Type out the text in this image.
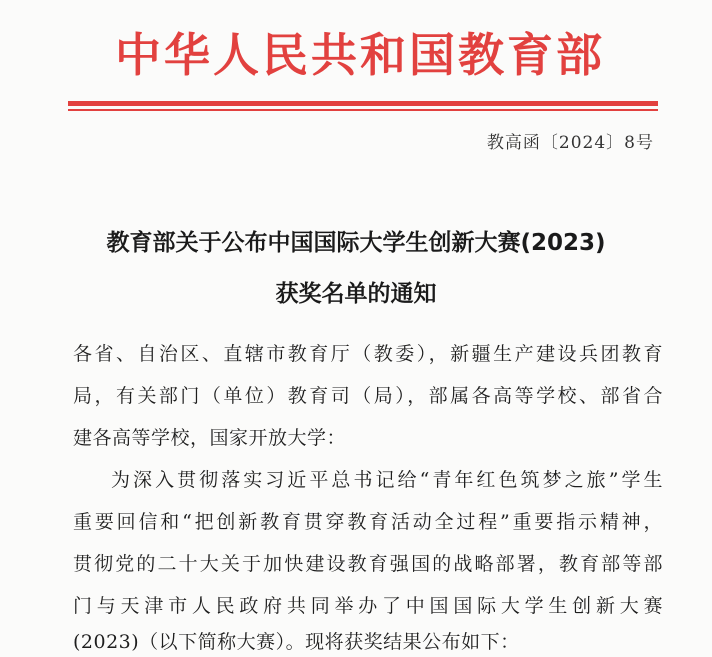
中华人民共和国教育部
教高函〔2024〕8号
教育部关于公布中国国际大学生创新大赛(2023)
获奖名单的通知
各省、自治区、直辖市教育厅（教委），新疆生产建设兵团教育
局，有关部门（单位）教育司（局），部属各高等学校、部省合
建各高等学校，国家开放大学：
为深入贯彻落实习近平总书记给“青年红色筑梦之旅”学生
重要回信和“把创新教育贯穿教育活动全过程”重要指示精神，
贯彻党的二十大关于加快建设教育强国的战略部署，教育部等部
门与天津市人民政府共同举办了中国国际大学生创新大赛
(2023)（以下简称大赛）。现将获奖结果公布如下：
